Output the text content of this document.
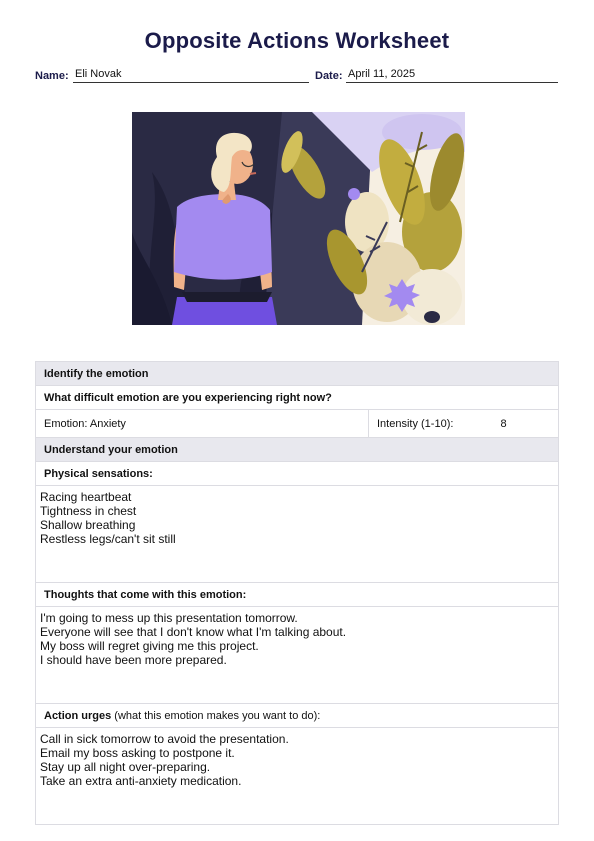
Opposite Actions Worksheet
Name: Eli Novak	Date: April 11, 2025
Identify the emotion
What difficult emotion are you experiencing right now?
Emotion: Anxiety	Intensity (1-10):	8
Understand your emotion
Physical sensations:

Racing heartbeat
Tightness in chest
Shallow breathing
Restless legs/can't sit still

Thoughts that come with this emotion:

I'm going to mess up this presentation tomorrow.
Everyone will see that I don't know what I'm talking about.
My boss will regret giving me this project.
I should have been more prepared.

Action urges (what this emotion makes you want to do):

Call in sick tomorrow to avoid the presentation.
Email my boss asking to postpone it.
Stay up all night over-preparing.
Take an extra anti-anxiety medication.
